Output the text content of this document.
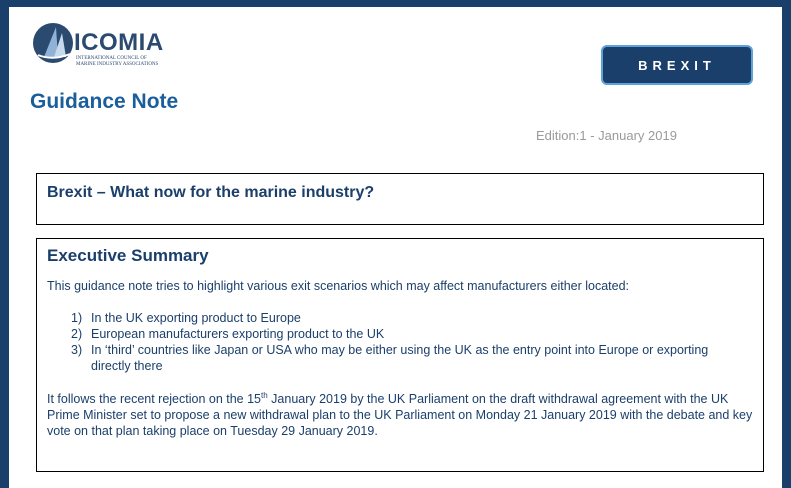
ICOMIA
INTERNATIONAL COUNCIL OF
MARINE INDUSTRY ASSOCIATIONS	BREXIT
Guidance Note
Edition:1 - January 2019
Brexit – What now for the marine industry?
Executive Summary
This guidance note tries to highlight various exit scenarios which may affect manufacturers either located:
1) In the UK exporting product to Europe
2) European manufacturers exporting product to the UK
3) In ‘third’ countries like Japan or USA who may be either using the UK as the entry point into Europe or exporting directly there
It follows the recent rejection on the 15th January 2019 by the UK Parliament on the draft withdrawal agreement with the UK Prime Minister set to propose a new withdrawal plan to the UK Parliament on Monday 21 January 2019 with the debate and key vote on that plan taking place on Tuesday 29 January 2019.
